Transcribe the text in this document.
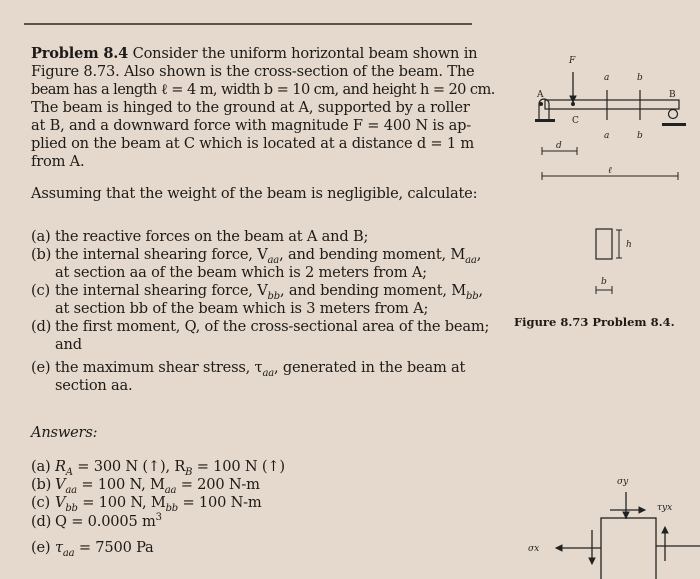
Problem 8.4 Consider the uniform horizontal beam shown in
Figure 8.73. Also shown is the cross-section of the beam. The
beam has a length ℓ = 4 m, width b = 10 cm, and height h = 20 cm.
The beam is hinged to the ground at A, supported by a roller
at B, and a downward force with magnitude F = 400 N is ap-
plied on the beam at C which is located at a distance d = 1 m
from A.
Assuming that the weight of the beam is negligible, calculate:
(a) the reactive forces on the beam at A and B;
(b) the internal shearing force, $V_{aa}$, and bending moment, $M_{aa}$,
at section aa of the beam which is 2 meters from A;
(c) the internal shearing force, $V_{bb}$, and bending moment, $M_{bb}$,
at section bb of the beam which is 3 meters from A;
(d) the first moment, Q, of the cross-sectional area of the beam;
and
(e) the maximum shear stress, $\tau_{aa}$, generated in the beam at
section aa.
Answers:
(a) $R_A = 300$ N (↑), $R_B = 100$ N (↑)
(b) $V_{aa} = 100$ N, $M_{aa} = 200$ N-m
(c) $V_{bb} = 100$ N, $M_{bb} = 100$ N-m
(d) Q = 0.0005 $m^3$
(e) $\tau_{aa} = 7500$ Pa
F
A	B
C
a	b
a	b
d
ℓ
h
b
σy
τyx
σx
Figure 8.73 Problem 8.4.
